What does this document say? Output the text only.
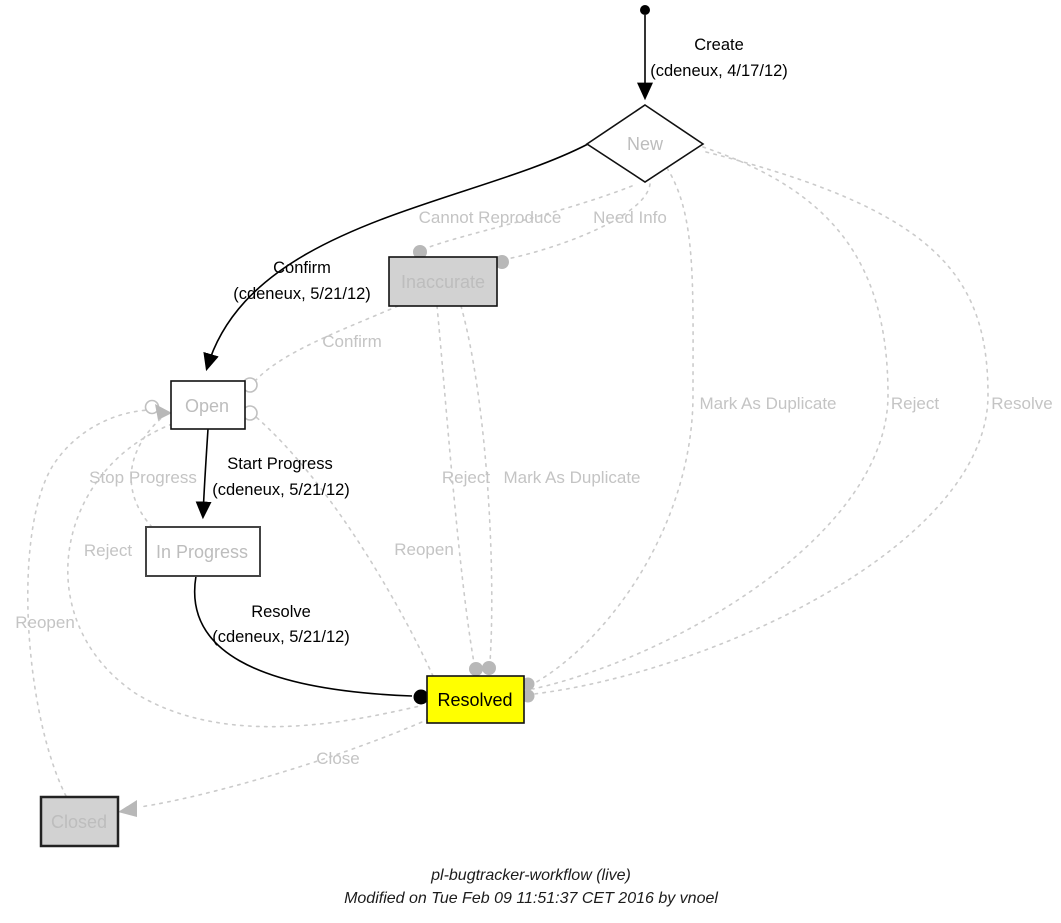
New
Inaccurate
Open
In Progress
Resolved
Closed
Create
(cdeneux, 4/17/12)
Confirm
(cdeneux, 5/21/12)
Start Progress
(cdeneux, 5/21/12)
Resolve
(cdeneux, 5/21/12)
Cannot Reproduce Need Info
Confirm
Mark As Duplicate	Reject	Resolve
Reject Mark As Duplicate
Stop Progress
Reopen
Reject
Reopen
Close
pl-bugtracker-workflow (live)
Modified on Tue Feb 09 11:51:37 CET 2016 by vnoel
